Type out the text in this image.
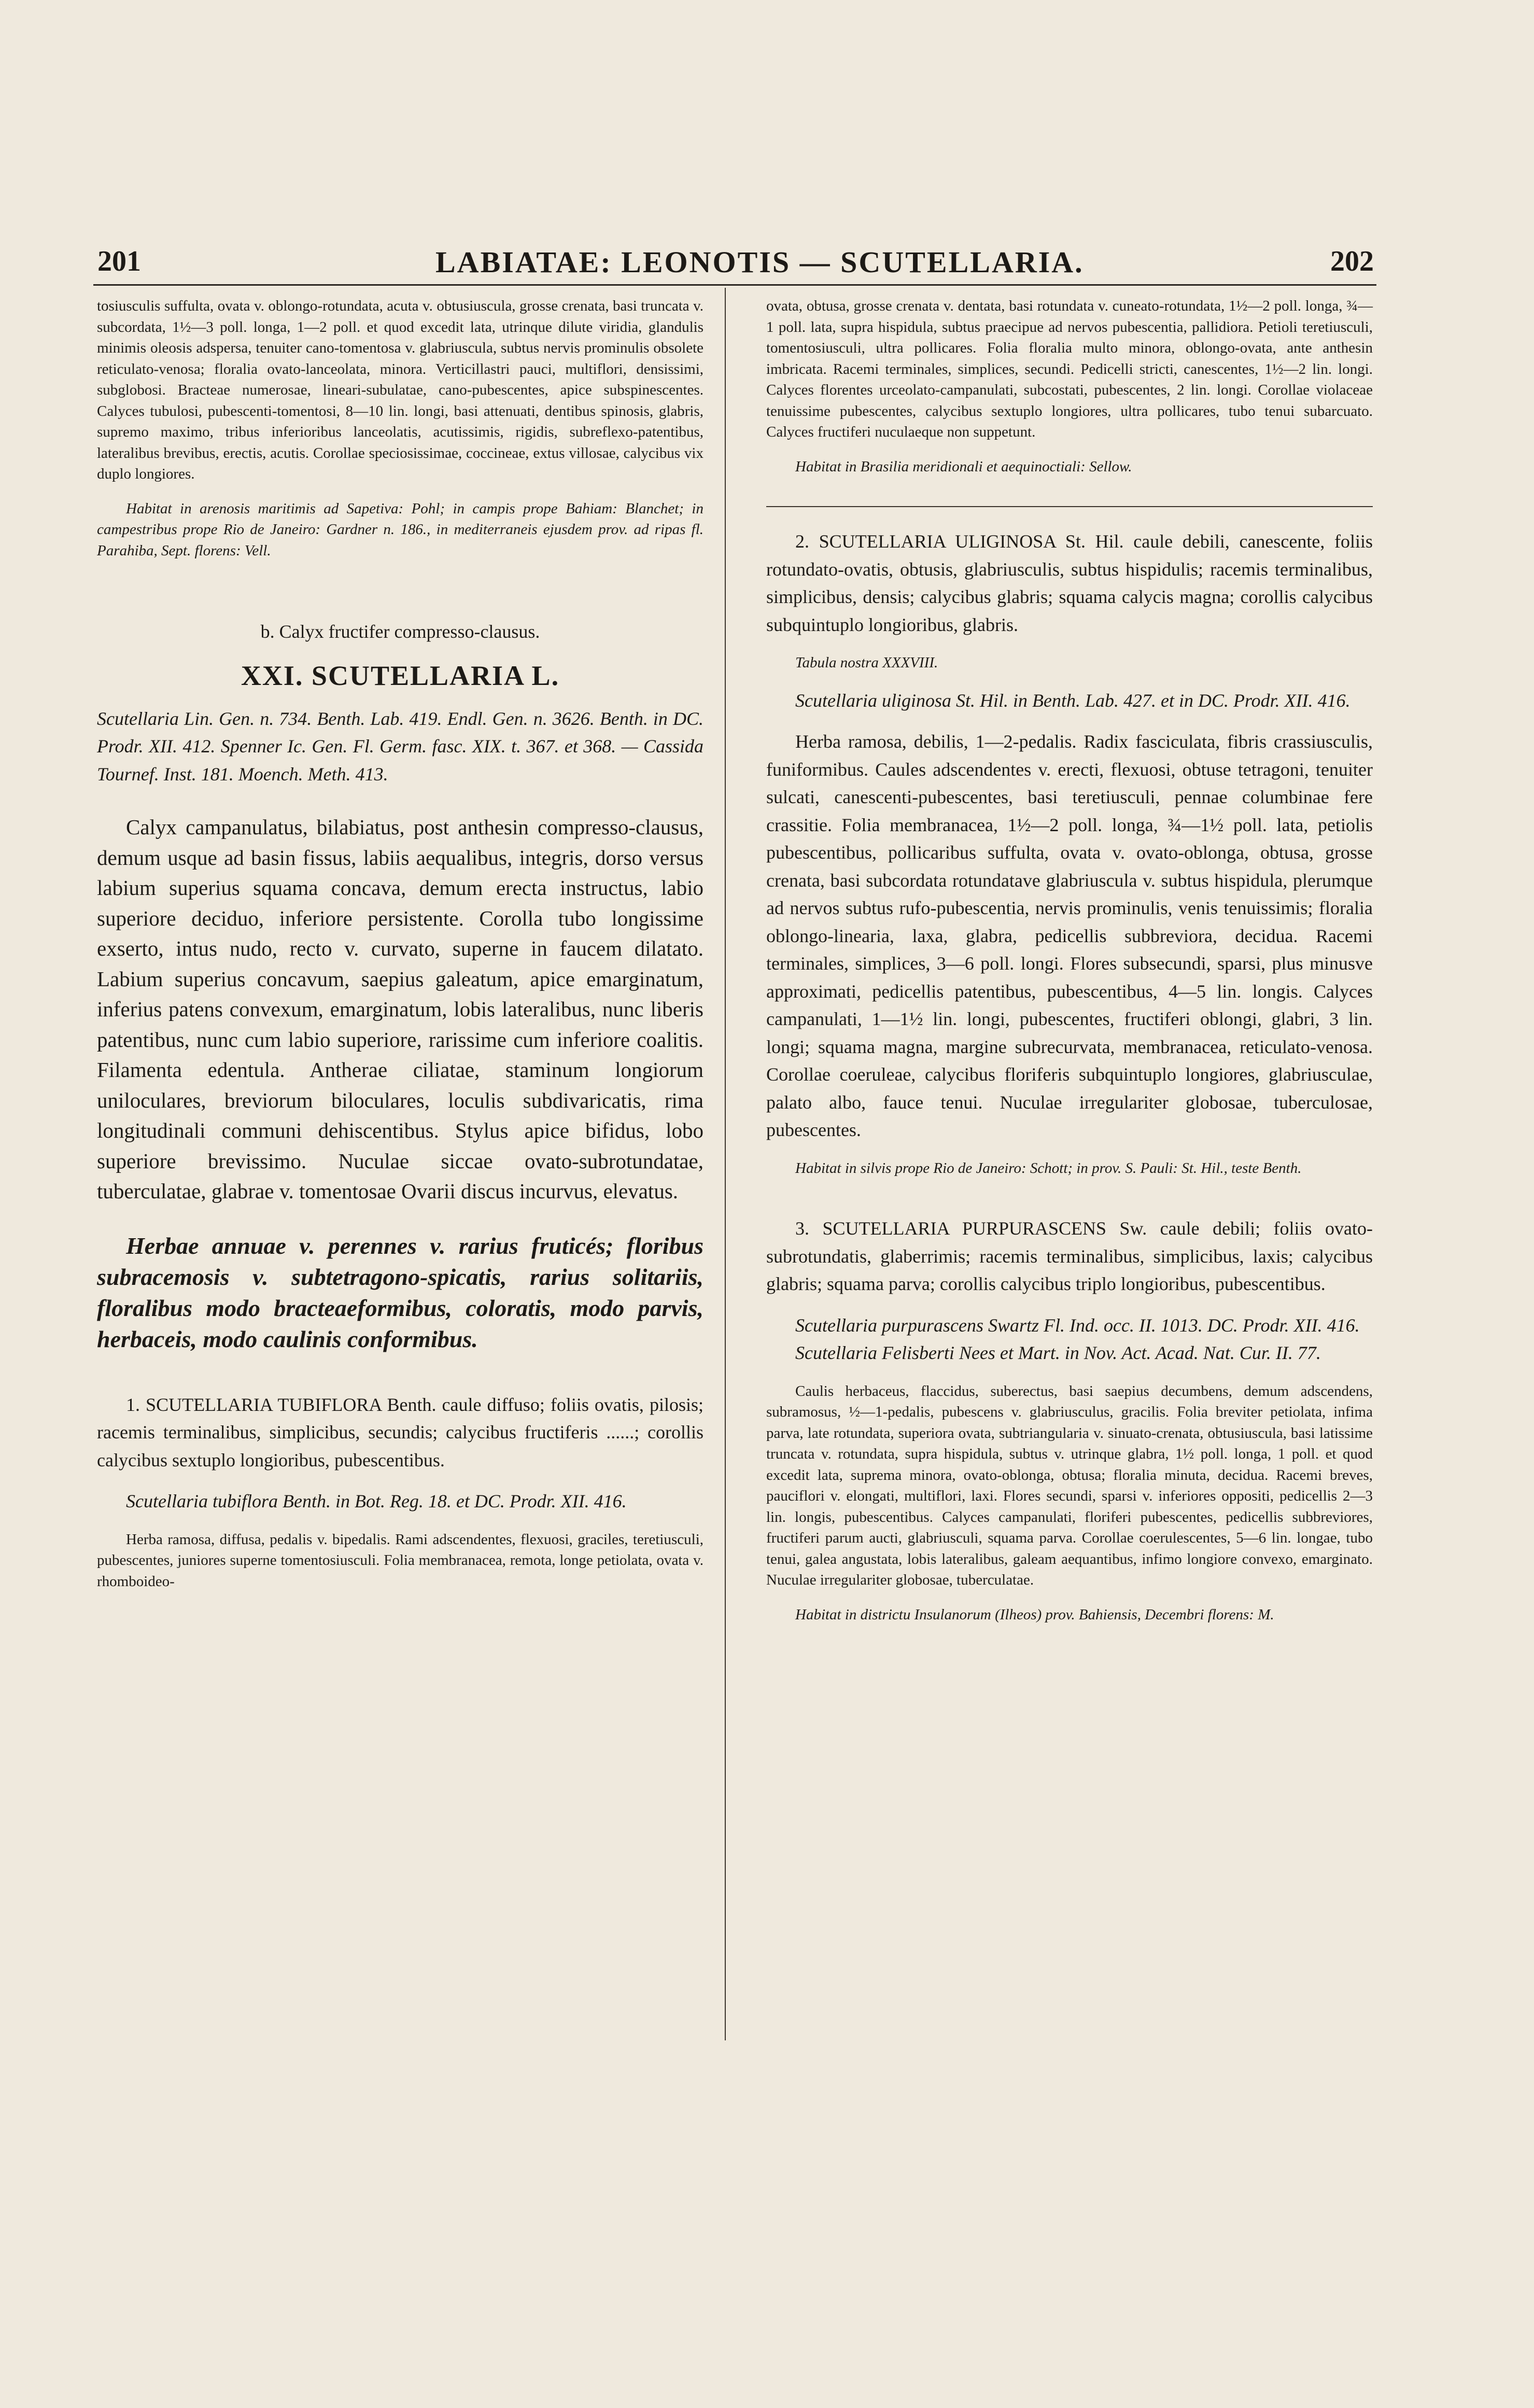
201	LABIATAE: LEONOTIS — SCUTELLARIA.	202

tosiusculis suffulta, ovata v. oblongo-rotundata, acuta v. obtusiuscula, grosse crenata, basi truncata v. subcordata, 1½—3 poll. longa, 1—2 poll. et quod excedit lata, utrinque dilute viridia, glandulis minimis oleosis adspersa, tenuiter cano-tomentosa v. glabriuscula, subtus nervis prominulis obsolete reticulato-venosa; floralia ovato-lanceolata, minora. Verticillastri pauci, multiflori, densissimi, subglobosi. Bracteae numerosae, lineari-subulatae, cano-pubescentes, apice subspinescentes. Calyces tubulosi, pubescenti-tomentosi, 8—10 lin. longi, basi attenuati, dentibus spinosis, glabris, supremo maximo, tribus inferioribus lanceolatis, acutissimis, rigidis, subreflexo-patentibus, lateralibus brevibus, erectis, acutis. Corollae speciosissimae, coccineae, extus villosae, calycibus vix duplo longiores.

Habitat in arenosis maritimis ad Sapetiva: Pohl; in campis prope Bahiam: Blanchet; in campestribus prope Rio de Janeiro: Gardner n. 186., in mediterraneis ejusdem prov. ad ripas fl. Parahiba, Sept. florens: Vell.

b. Calyx fructifer compresso-clausus.

XXI. SCUTELLARIA L.

Scutellaria Lin. Gen. n. 734. Benth. Lab. 419. Endl. Gen. n. 3626. Benth. in DC. Prodr. XII. 412. Spenner Ic. Gen. Fl. Germ. fasc. XIX. t. 367. et 368. — Cassida Tournef. Inst. 181. Moench. Meth. 413.

Calyx campanulatus, bilabiatus, post anthesin compresso-clausus, demum usque ad basin fissus, labiis aequalibus, integris, dorso versus labium superius squama concava, demum erecta instructus, labio superiore deciduo, inferiore persistente. Corolla tubo longissime exserto, intus nudo, recto v. curvato, superne in faucem dilatato. Labium superius concavum, saepius galeatum, apice emarginatum, inferius patens convexum, emarginatum, lobis lateralibus, nunc liberis patentibus, nunc cum labio superiore, rarissime cum inferiore coalitis. Filamenta edentula. Antherae ciliatae, staminum longiorum uniloculares, breviorum biloculares, loculis subdivaricatis, rima longitudinali communi dehiscentibus. Stylus apice bifidus, lobo superiore brevissimo. Nuculae siccae ovato-subrotundatae, tuberculatae, glabrae v. tomentosae Ovarii discus incurvus, elevatus.

Herbae annuae v. perennes v. rarius fruticés; floribus subracemosis v. subtetragono-spicatis, rarius solitariis, floralibus modo bracteaeformibus, coloratis, modo parvis, herbaceis, modo caulinis conformibus.

1. SCUTELLARIA TUBIFLORA Benth. caule diffuso; foliis ovatis, pilosis; racemis terminalibus, simplicibus, secundis; calycibus fructiferis ......; corollis calycibus sextuplo longioribus, pubescentibus.

Scutellaria tubiflora Benth. in Bot. Reg. 18. et DC. Prodr. XII. 416.

Herba ramosa, diffusa, pedalis v. bipedalis. Rami adscendentes, flexuosi, graciles, teretiusculi, pubescentes, juniores superne tomentosiusculi. Folia membranacea, remota, longe petiolata, ovata v. rhomboideo-

ovata, obtusa, grosse crenata v. dentata, basi rotundata v. cuneato-rotundata, 1½—2 poll. longa, ¾—1 poll. lata, supra hispidula, subtus praecipue ad nervos pubescentia, pallidiora. Petioli teretiusculi, tomentosiusculi, ultra pollicares. Folia floralia multo minora, oblongo-ovata, ante anthesin imbricata. Racemi terminales, simplices, secundi. Pedicelli stricti, canescentes, 1½—2 lin. longi. Calyces florentes urceolato-campanulati, subcostati, pubescentes, 2 lin. longi. Corollae violaceae tenuissime pubescentes, calycibus sextuplo longiores, ultra pollicares, tubo tenui subarcuato. Calyces fructiferi nuculaeque non suppetunt.

Habitat in Brasilia meridionali et aequinoctiali: Sellow.

2. SCUTELLARIA ULIGINOSA St. Hil. caule debili, canescente, foliis rotundato-ovatis, obtusis, glabriusculis, subtus hispidulis; racemis terminalibus, simplicibus, densis; calycibus glabris; squama calycis magna; corollis calycibus subquintuplo longioribus, glabris.

Tabula nostra XXXVIII.

Scutellaria uliginosa St. Hil. in Benth. Lab. 427. et in DC. Prodr. XII. 416.

Herba ramosa, debilis, 1—2-pedalis. Radix fasciculata, fibris crassiusculis, funiformibus. Caules adscendentes v. erecti, flexuosi, obtuse tetragoni, tenuiter sulcati, canescenti-pubescentes, basi teretiusculi, pennae columbinae fere crassitie. Folia membranacea, 1½—2 poll. longa, ¾—1½ poll. lata, petiolis pubescentibus, pollicaribus suffulta, ovata v. ovato-oblonga, obtusa, grosse crenata, basi subcordata rotundatave glabriuscula v. subtus hispidula, plerumque ad nervos subtus rufo-pubescentia, nervis prominulis, venis tenuissimis; floralia oblongo-linearia, laxa, glabra, pedicellis subbreviora, decidua. Racemi terminales, simplices, 3—6 poll. longi. Flores subsecundi, sparsi, plus minusve approximati, pedicellis patentibus, pubescentibus, 4—5 lin. longis. Calyces campanulati, 1—1½ lin. longi, pubescentes, fructiferi oblongi, glabri, 3 lin. longi; squama magna, margine subrecurvata, membranacea, reticulato-venosa. Corollae coeruleae, calycibus floriferis subquintuplo longiores, glabriusculae, palato albo, fauce tenui. Nuculae irregulariter globosae, tuberculosae, pubescentes.

Habitat in silvis prope Rio de Janeiro: Schott; in prov. S. Pauli: St. Hil., teste Benth.

3. SCUTELLARIA PURPURASCENS Sw. caule debili; foliis ovato-subrotundatis, glaberrimis; racemis terminalibus, simplicibus, laxis; calycibus glabris; squama parva; corollis calycibus triplo longioribus, pubescentibus.

Scutellaria purpurascens Swartz Fl. Ind. occ. II. 1013. DC. Prodr. XII. 416.

Scutellaria Felisberti Nees et Mart. in Nov. Act. Acad. Nat. Cur. II. 77.

Caulis herbaceus, flaccidus, suberectus, basi saepius decumbens, demum adscendens, subramosus, ½—1-pedalis, pubescens v. glabriusculus, gracilis. Folia breviter petiolata, infima parva, late rotundata, superiora ovata, subtriangularia v. sinuato-crenata, obtusiuscula, basi latissime truncata v. rotundata, supra hispidula, subtus v. utrinque glabra, 1½ poll. longa, 1 poll. et quod excedit lata, suprema minora, ovato-oblonga, obtusa; floralia minuta, decidua. Racemi breves, pauciflori v. elongati, multiflori, laxi. Flores secundi, sparsi v. inferiores oppositi, pedicellis 2—3 lin. longis, pubescentibus. Calyces campanulati, floriferi pubescentes, pedicellis subbreviores, fructiferi parum aucti, glabriusculi, squama parva. Corollae coerulescentes, 5—6 lin. longae, tubo tenui, galea angustata, lobis lateralibus, galeam aequantibus, infimo longiore convexo, emarginato. Nuculae irregulariter globosae, tuberculatae.

Habitat in districtu Insulanorum (Ilheos) prov. Bahiensis, Decembri florens: M.
